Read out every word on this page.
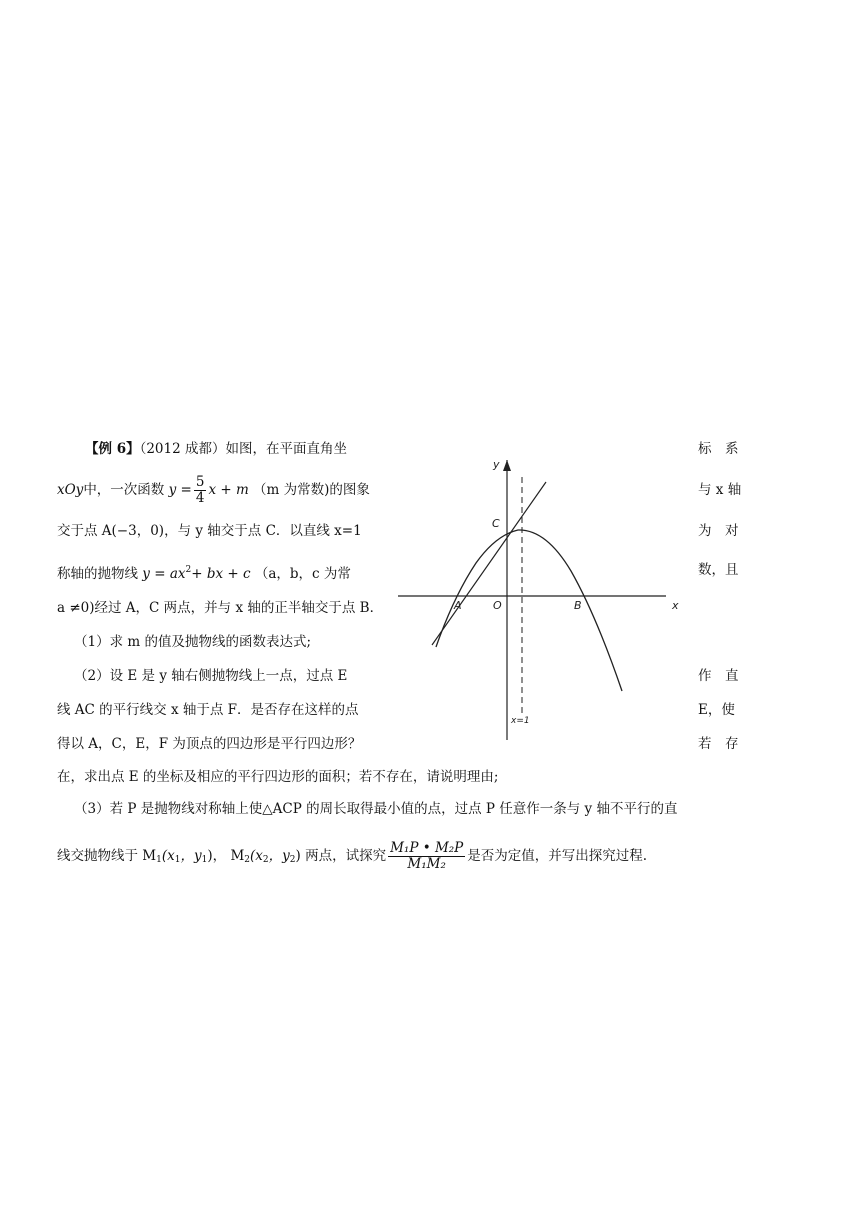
【例 6】（2012 成都）如图，在平面直角坐	标　系
xOy中，一次函数 $y = \frac{5}{4}$ x + m （m 为常数)的图象	与 x 轴
交于点 A(−3，0)，与 y 轴交于点 C．以直线 x=1	为　对
称轴的抛物线 $y = ax^2+$ bx + c （a，b，c 为常	数，且
a ≠0)经过 A，C 两点，并与 x 轴的正半轴交于点 B．
（1）求 m 的值及抛物线的函数表达式;
（2）设 E 是 y 轴右侧抛物线上一点，过点 E	作　直
线 AC 的平行线交 x 轴于点 F．是否存在这样的点	E，使
得以 A，C，E，F 为顶点的四边形是平行四边形？	若　存
在，求出点 E 的坐标及相应的平行四边形的面积；若不存在，请说明理由;
（3）若 P 是抛物线对称轴上使△ACP 的周长取得最小值的点，过点 P 任意作一条与 y 轴不平行的直
线交抛物线于 $M_1(x_1$，$y_1$)， $M_2(x_2$，$y_2$) 两点，试探究 $\frac{\text{M₁P • M₂P}}{\text{M₁M₂}}$ 是否为定值，并写出探究过程.
y
x
C
A	O	B
x=1
